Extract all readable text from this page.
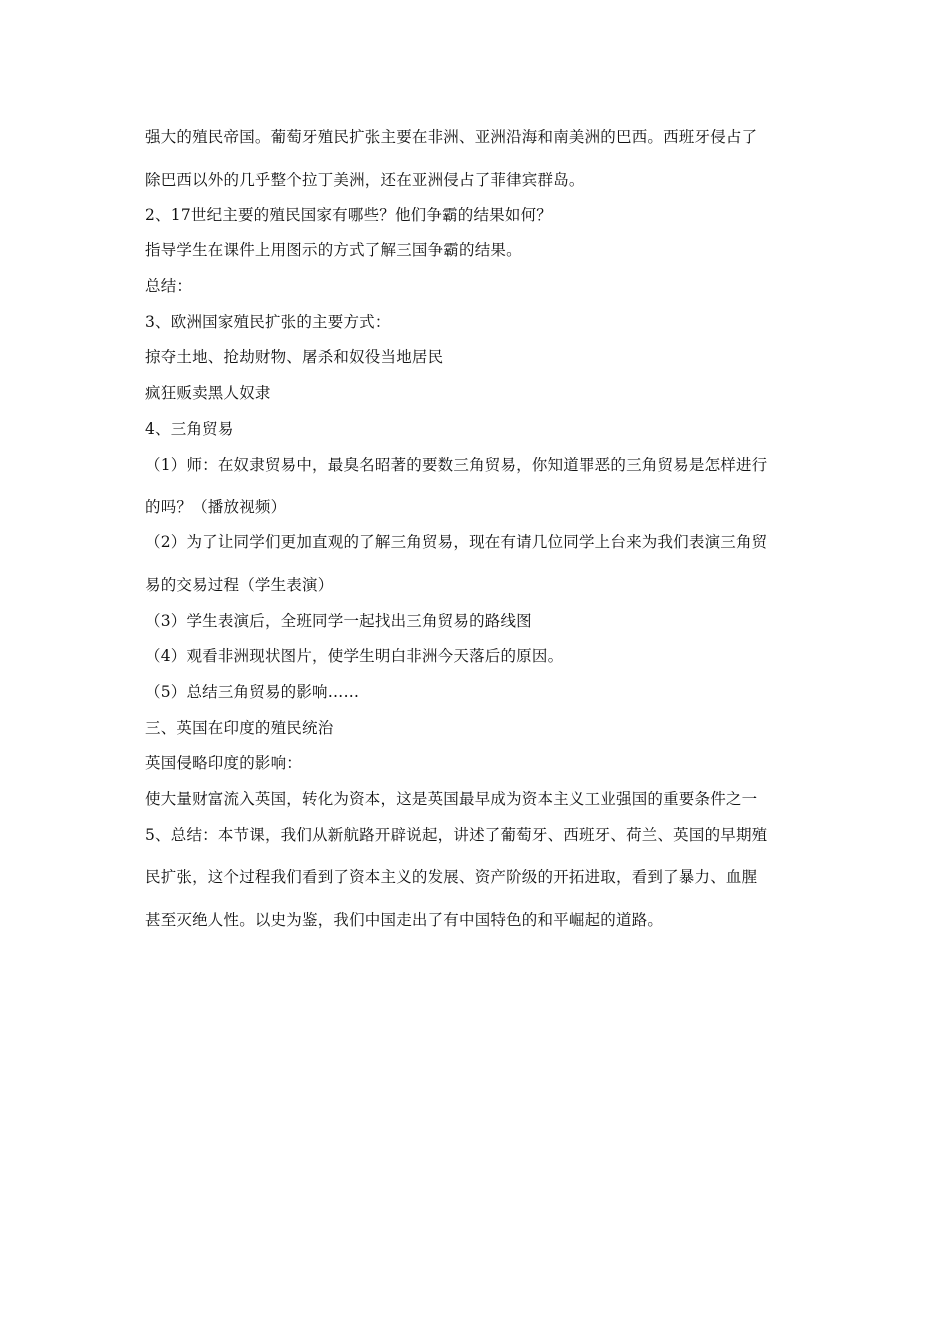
强大的殖民帝国。葡萄牙殖民扩张主要在非洲、亚洲沿海和南美洲的巴西。西班牙侵占了
除巴西以外的几乎整个拉丁美洲，还在亚洲侵占了菲律宾群岛。
2、17世纪主要的殖民国家有哪些？他们争霸的结果如何？
指导学生在课件上用图示的方式了解三国争霸的结果。
总结：
3、欧洲国家殖民扩张的主要方式：
掠夺土地、抢劫财物、屠杀和奴役当地居民
疯狂贩卖黑人奴隶
4、三角贸易
（1）师：在奴隶贸易中，最臭名昭著的要数三角贸易，你知道罪恶的三角贸易是怎样进行
的吗？（播放视频）
（2）为了让同学们更加直观的了解三角贸易，现在有请几位同学上台来为我们表演三角贸
易的交易过程（学生表演）
（3）学生表演后，全班同学一起找出三角贸易的路线图
（4）观看非洲现状图片，使学生明白非洲今天落后的原因。
（5）总结三角贸易的影响……
三、英国在印度的殖民统治
英国侵略印度的影响：
使大量财富流入英国，转化为资本，这是英国最早成为资本主义工业强国的重要条件之一
5、总结：本节课，我们从新航路开辟说起，讲述了葡萄牙、西班牙、荷兰、英国的早期殖
民扩张，这个过程我们看到了资本主义的发展、资产阶级的开拓进取，看到了暴力、血腥
甚至灭绝人性。以史为鉴，我们中国走出了有中国特色的和平崛起的道路。
